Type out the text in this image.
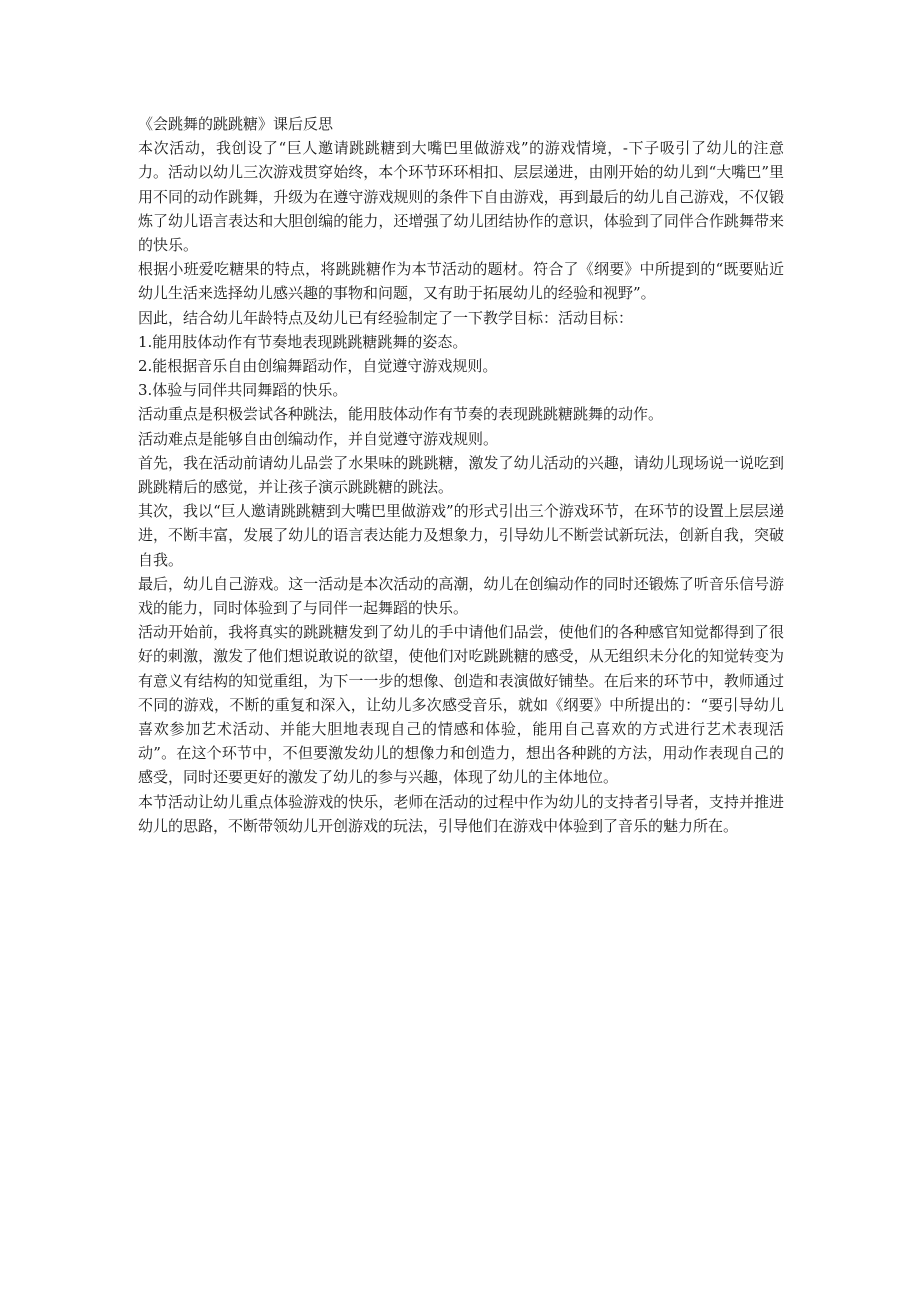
《会跳舞的跳跳糖》课后反思

本次活动，我创设了“巨人邀请跳跳糖到大嘴巴里做游戏”的游戏情境，-下子吸引了幼儿的注意力。活动以幼儿三次游戏贯穿始终，本个环节环环相扣、层层递进，由刚开始的幼儿到“大嘴巴”里用不同的动作跳舞，升级为在遵守游戏规则的条件下自由游戏，再到最后的幼儿自己游戏，不仅锻炼了幼儿语言表达和大胆创编的能力，还增强了幼儿团结协作的意识，体验到了同伴合作跳舞带来的快乐。

根据小班爱吃糖果的特点，将跳跳糖作为本节活动的题材。符合了《纲要》中所提到的“既要贴近幼儿生活来选择幼儿感兴趣的事物和问题，又有助于拓展幼儿的经验和视野”。

因此，结合幼儿年龄特点及幼儿已有经验制定了一下教学目标：活动目标：

1.能用肢体动作有节奏地表现跳跳糖跳舞的姿态。

2.能根据音乐自由创编舞蹈动作，自觉遵守游戏规则。

3.体验与同伴共同舞蹈的快乐。

活动重点是积极尝试各种跳法，能用肢体动作有节奏的表现跳跳糖跳舞的动作。

活动难点是能够自由创编动作，并自觉遵守游戏规则。

首先，我在活动前请幼儿品尝了水果味的跳跳糖，激发了幼儿活动的兴趣，请幼儿现场说一说吃到跳跳精后的感觉，并让孩子演示跳跳糖的跳法。

其次，我以“巨人邀请跳跳糖到大嘴巴里做游戏”的形式引出三个游戏环节，在环节的设置上层层递进，不断丰富，发展了幼儿的语言表达能力及想象力，引导幼儿不断尝试新玩法，创新自我，突破自我。

最后，幼儿自己游戏。这一活动是本次活动的高潮，幼儿在创编动作的同时还锻炼了听音乐信号游戏的能力，同时体验到了与同伴一起舞蹈的快乐。

活动开始前，我将真实的跳跳糖发到了幼儿的手中请他们品尝，使他们的各种感官知觉都得到了很好的刺激，激发了他们想说敢说的欲望，使他们对吃跳跳糖的感受，从无组织未分化的知觉转变为有意义有结构的知觉重组，为下一一步的想像、创造和表演做好铺垫。在后来的环节中，教师通过不同的游戏，不断的重复和深入，让幼儿多次感受音乐，就如《纲要》中所提出的：“要引导幼儿喜欢参加艺术活动、并能大胆地表现自己的情感和体验，能用自己喜欢的方式进行艺术表现活动”。在这个环节中，不但要激发幼儿的想像力和创造力，想出各种跳的方法，用动作表现自己的感受，同时还要更好的激发了幼儿的参与兴趣，体现了幼儿的主体地位。

本节活动让幼儿重点体验游戏的快乐，老师在活动的过程中作为幼儿的支持者引导者，支持并推进幼儿的思路，不断带领幼儿开创游戏的玩法，引导他们在游戏中体验到了音乐的魅力所在。
